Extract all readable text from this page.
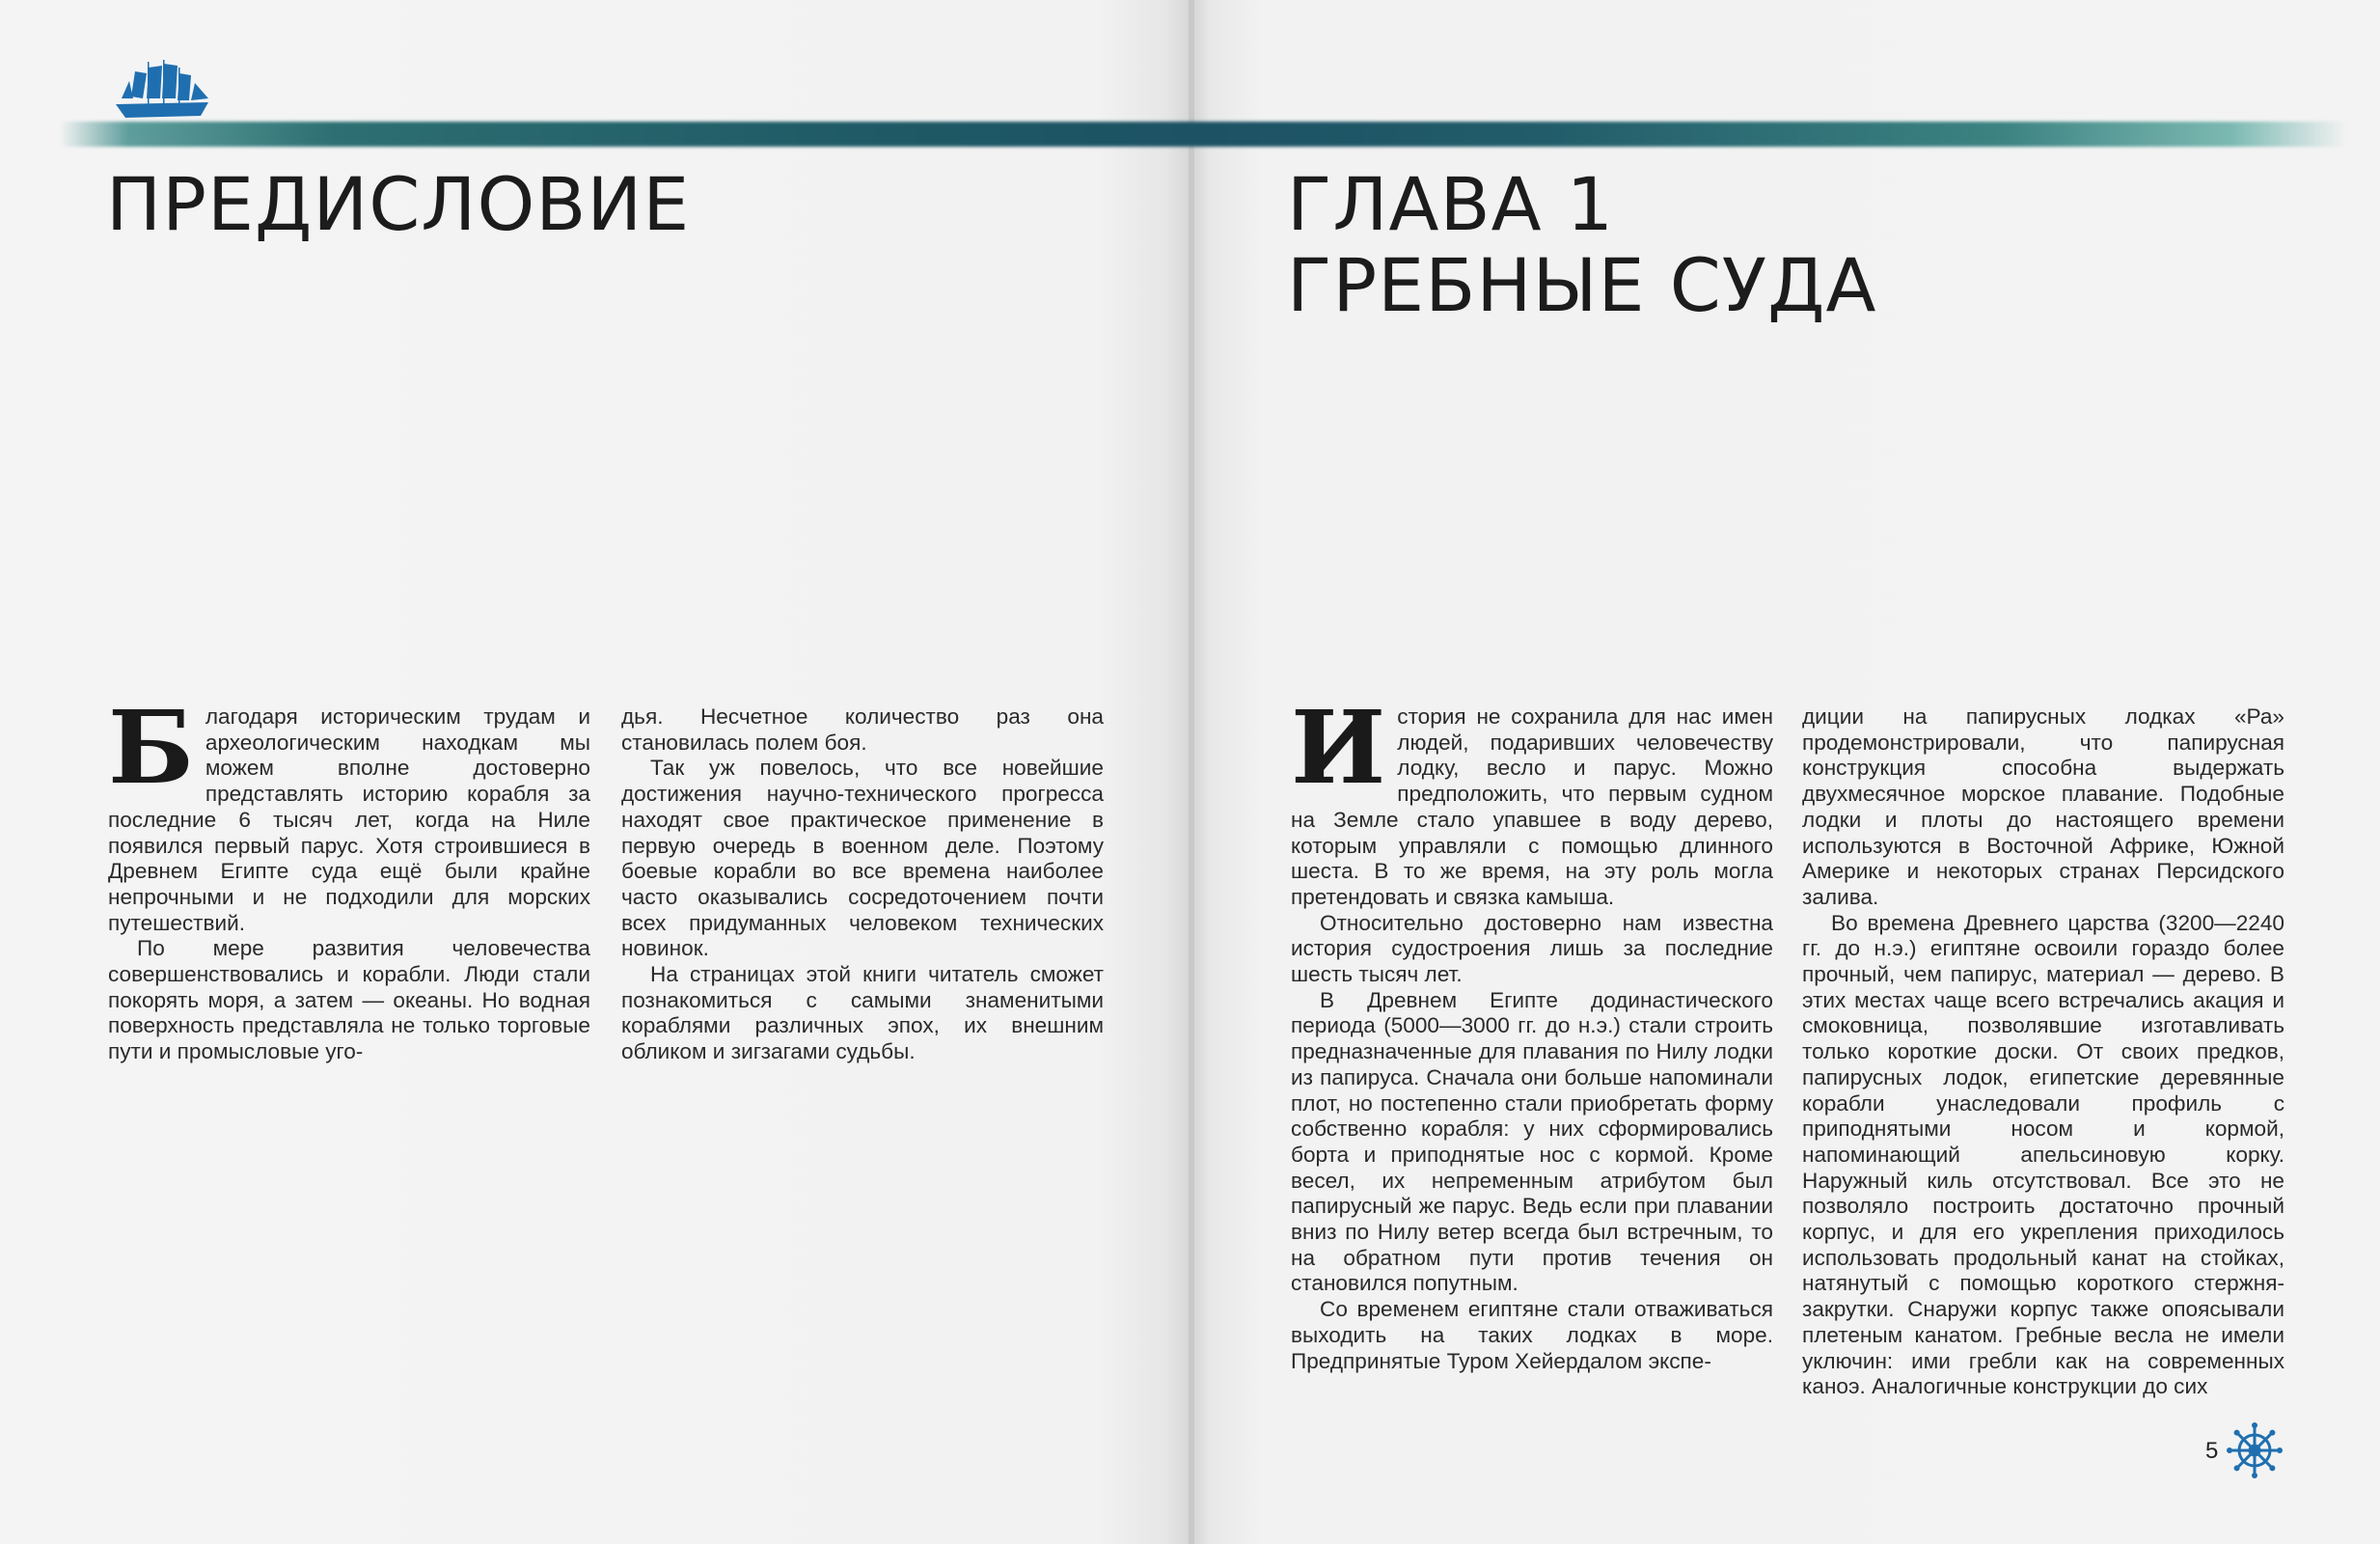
ПРЕДИСЛОВИЕ	ГЛАВА 1
ГРЕБНЫЕ СУДА
Б лагодаря историческим трудам и археологическим находкам мы можем вполне достоверно представлять историю корабля за последние 6 тысяч лет, когда на Ниле появился первый парус. Хотя строившиеся в Древнем Египте суда ещё были крайне непрочными и не подходили для морских путешествий.

По мере развития человечества совершенствовались и корабли. Люди стали покорять моря, а затем — океаны. Но водная поверхность представляла не только торговые пути и промысловые уго-

дья. Несчетное количество раз она становилась полем боя.

Так уж повелось, что все новейшие достижения научно-технического прогресса находят свое практическое применение в первую очередь в военном деле. Поэтому боевые корабли во все времена наиболее часто оказывались сосредоточением почти всех придуманных человеком технических новинок.

На страницах этой книги читатель сможет познакомиться с самыми знаменитыми кораблями различных эпох, их внешним обликом и зигзагами судьбы.

И стория не сохранила для нас имен людей, подаривших человечеству лодку, весло и парус. Можно предположить, что первым судном на Земле стало упавшее в воду дерево, которым управляли с помощью длинного шеста. В то же время, на эту роль могла претендовать и связка камыша.

Относительно достоверно нам известна история судостроения лишь за последние шесть тысяч лет.

В Древнем Египте додинастического периода (5000—3000 гг. до н.э.) стали строить предназначенные для плавания по Нилу лодки из папируса. Сначала они больше напоминали плот, но постепенно стали приобретать форму собственно корабля: у них сформировались борта и приподнятые нос с кормой. Кроме весел, их непременным атрибутом был папирусный же парус. Ведь если при плавании вниз по Нилу ветер всегда был встречным, то на обратном пути против течения он становился попутным.

Со временем египтяне стали отваживаться выходить на таких лодках в море. Предпринятые Туром Хейердалом экспе-

диции на папирусных лодках «Ра» продемонстрировали, что папирусная конструкция способна выдержать двухмесячное морское плавание. Подобные лодки и плоты до настоящего времени используются в Восточной Африке, Южной Америке и некоторых странах Персидского залива.

Во времена Древнего царства (3200—2240 гг. до н.э.) египтяне освоили гораздо более прочный, чем папирус, материал — дерево. В этих местах чаще всего встречались акация и смоковница, позволявшие изготавливать только короткие доски. От своих предков, папирусных лодок, египетские деревянные корабли унаследовали профиль с приподнятыми носом и кормой, напоминающий апельсиновую корку. Наружный киль отсутствовал. Все это не позволяло построить достаточно прочный корпус, и для его укрепления приходилось использовать продольный канат на стойках, натянутый с помощью короткого стержня-закрутки. Снаружи корпус также опоясывали плетеным канатом. Гребные весла не имели уключин: ими гребли как на современных каноэ. Аналогичные конструкции до сих

5
